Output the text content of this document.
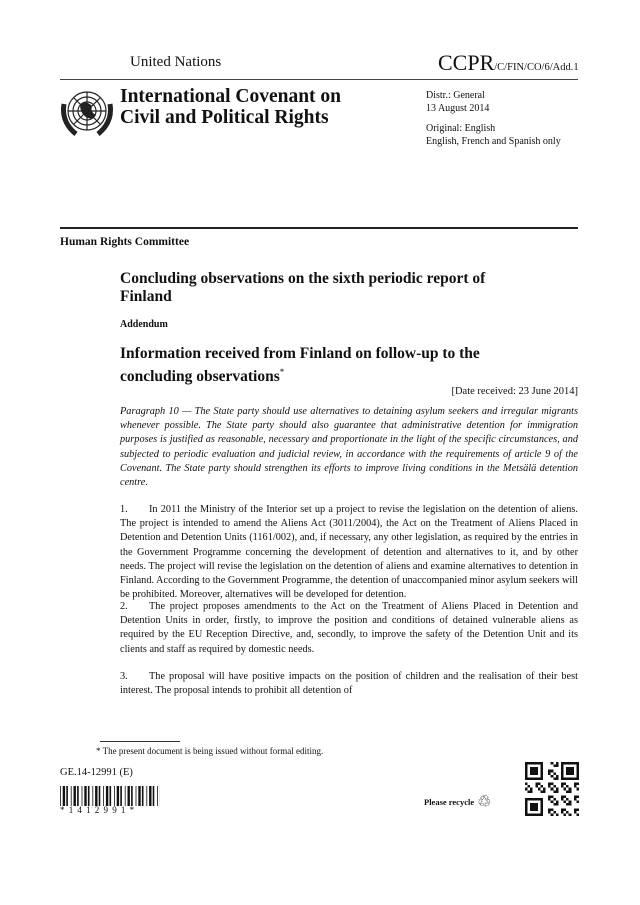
United Nations	CCPR/C/FIN/CO/6/Add.1
International Covenant on
Civil and Political Rights
Distr.: General
13 August 2014
Original: English
English, French and Spanish only
Human Rights Committee
Concluding observations on the sixth periodic report of Finland
Addendum
Information received from Finland on follow-up to the concluding observations*
[Date received: 23 June 2014]
Paragraph 10 — The State party should use alternatives to detaining asylum seekers and irregular migrants whenever possible. The State party should also guarantee that administrative detention for immigration purposes is justified as reasonable, necessary and proportionate in the light of the specific circumstances, and subjected to periodic evaluation and judicial review, in accordance with the requirements of article 9 of the Covenant. The State party should strengthen its efforts to improve living conditions in the Metsälä detention centre.
1. In 2011 the Ministry of the Interior set up a project to revise the legislation on the detention of aliens. The project is intended to amend the Aliens Act (3011/2004), the Act on the Treatment of Aliens Placed in Detention and Detention Units (1161/002), and, if necessary, any other legislation, as required by the entries in the Government Programme concerning the development of detention and alternatives to it, and by other needs. The project will revise the legislation on the detention of aliens and examine alternatives to detention in Finland. According to the Government Programme, the detention of unaccompanied minor asylum seekers will be prohibited. Moreover, alternatives will be developed for detention.
2. The project proposes amendments to the Act on the Treatment of Aliens Placed in Detention and Detention Units in order, firstly, to improve the position and conditions of detained vulnerable aliens as required by the EU Reception Directive, and, secondly, to improve the safety of the Detention Unit and its clients and staff as required by domestic needs.
3. The proposal will have positive impacts on the position of children and the realisation of their best interest. The proposal intends to prohibit all detention of
* The present document is being issued without formal editing.
GE.14-12991 (E)
*1412991*
Please recycle ♲
